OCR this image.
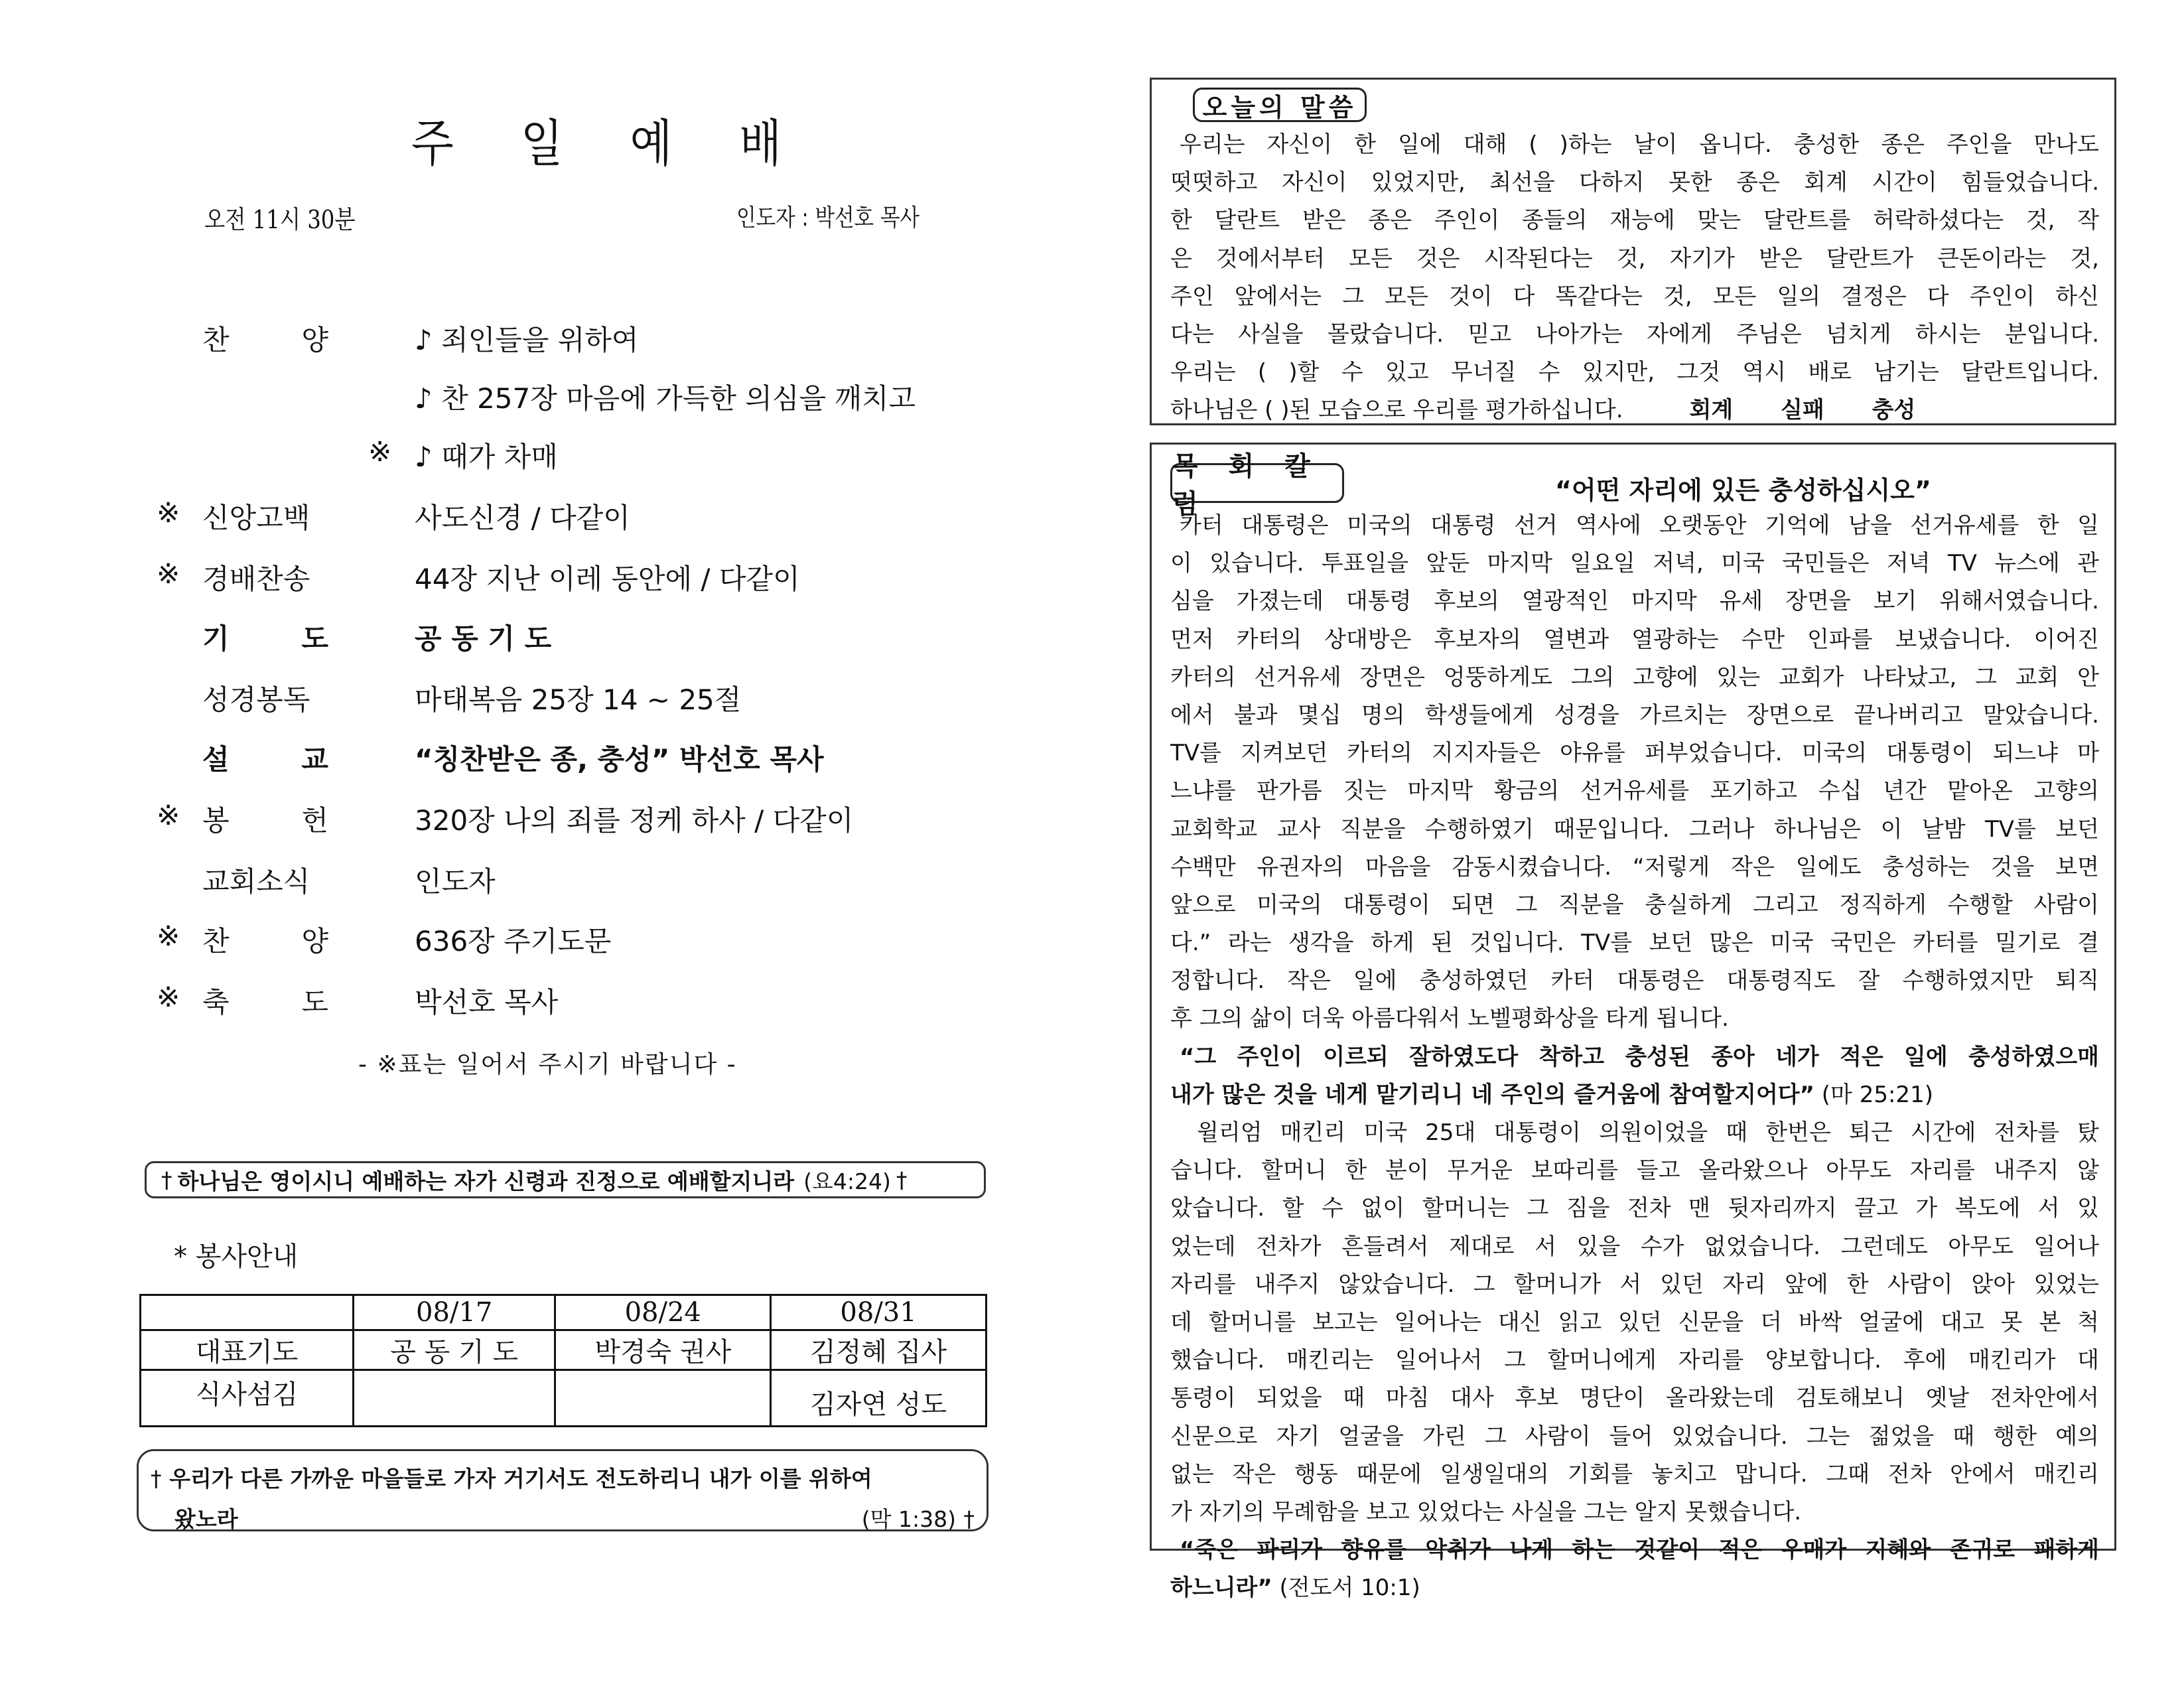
주 일 예 배
오전 11시 30분	인도자 : 박선호 목사
찬	양	♪ 죄인들을 위하여
♪ 찬 257장 마음에 가득한 의심을 깨치고
※ ♪ 때가 차매
※ 신앙고백	사도신경 / 다같이
※ 경배찬송	44장 지난 이레 동안에 / 다같이
기	도	공 동 기 도
성경봉독	마태복음 25장 14 ~ 25절
설	교	“칭찬받은 종, 충성” 박선호 목사
※ 봉	헌	320장 나의 죄를 정케 하사 / 다같이
교회소식	인도자
※ 찬	양	636장 주기도문
※ 축	도	박선호 목사
- ※표는 일어서 주시기 바랍니다 -
† 하나님은 영이시니 예배하는 자가 신령과 진정으로 예배할지니라 (요4:24) †
* 봉사안내
	08/17	08/24	08/31
대표기도	공 동 기 도	박경숙 권사	김정혜 집사
식사섬김			김자연 성도
† 우리가 다른 가까운 마을들로 가자 거기서도 전도하리니 내가 이를 위하여
왔노라	(막 1:38) †
오늘의 말씀
우리는 자신이 한 일에 대해 ( )하는 날이 옵니다. 충성한 종은 주인을 만나도
떳떳하고 자신이 있었지만, 최선을 다하지 못한 종은 회계 시간이 힘들었습니다.
한 달란트 받은 종은 주인이 종들의 재능에 맞는 달란트를 허락하셨다는 것, 작
은 것에서부터 모든 것은 시작된다는 것, 자기가 받은 달란트가 큰돈이라는 것,
주인 앞에서는 그 모든 것이 다 똑같다는 것, 모든 일의 결정은 다 주인이 하신
다는 사실을 몰랐습니다. 믿고 나아가는 자에게 주님은 넘치게 하시는 분입니다.
우리는 ( )할 수 있고 무너질 수 있지만, 그것 역시 배로 남기는 달란트입니다.
하나님은 ( )된 모습으로 우리를 평가하십니다.	회계 실패 충성
목 회 칼 럼	“어떤 자리에 있든 충성하십시오”
카터 대통령은 미국의 대통령 선거 역사에 오랫동안 기억에 남을 선거유세를 한 일
이 있습니다. 투표일을 앞둔 마지막 일요일 저녁, 미국 국민들은 저녁 TV 뉴스에 관
심을 가졌는데 대통령 후보의 열광적인 마지막 유세 장면을 보기 위해서였습니다.
먼저 카터의 상대방은 후보자의 열변과 열광하는 수만 인파를 보냈습니다. 이어진
카터의 선거유세 장면은 엉뚱하게도 그의 고향에 있는 교회가 나타났고, 그 교회 안
에서 불과 몇십 명의 학생들에게 성경을 가르치는 장면으로 끝나버리고 말았습니다.
TV를 지켜보던 카터의 지지자들은 야유를 퍼부었습니다. 미국의 대통령이 되느냐 마
느냐를 판가름 짓는 마지막 황금의 선거유세를 포기하고 수십 년간 맡아온 고향의
교회학교 교사 직분을 수행하였기 때문입니다. 그러나 하나님은 이 날밤 TV를 보던
수백만 유권자의 마음을 감동시켰습니다. “저렇게 작은 일에도 충성하는 것을 보면
앞으로 미국의 대통령이 되면 그 직분을 충실하게 그리고 정직하게 수행할 사람이
다.” 라는 생각을 하게 된 것입니다. TV를 보던 많은 미국 국민은 카터를 밀기로 결
정합니다. 작은 일에 충성하였던 카터 대통령은 대통령직도 잘 수행하였지만 퇴직
후 그의 삶이 더욱 아름다워서 노벨평화상을 타게 됩니다.
“그 주인이 이르되 잘하였도다 착하고 충성된 종아 네가 적은 일에 충성하였으매
내가 많은 것을 네게 맡기리니 네 주인의 즐거움에 참여할지어다” (마 25:21)
윌리엄 매킨리 미국 25대 대통령이 의원이었을 때 한번은 퇴근 시간에 전차를 탔
습니다. 할머니 한 분이 무거운 보따리를 들고 올라왔으나 아무도 자리를 내주지 않
았습니다. 할 수 없이 할머니는 그 짐을 전차 맨 뒷자리까지 끌고 가 복도에 서 있
었는데 전차가 흔들려서 제대로 서 있을 수가 없었습니다. 그런데도 아무도 일어나
자리를 내주지 않았습니다. 그 할머니가 서 있던 자리 앞에 한 사람이 앉아 있었는
데 할머니를 보고는 일어나는 대신 읽고 있던 신문을 더 바싹 얼굴에 대고 못 본 척
했습니다. 매킨리는 일어나서 그 할머니에게 자리를 양보합니다. 후에 매킨리가 대
통령이 되었을 때 마침 대사 후보 명단이 올라왔는데 검토해보니 옛날 전차안에서
신문으로 자기 얼굴을 가린 그 사람이 들어 있었습니다. 그는 젊었을 때 행한 예의
없는 작은 행동 때문에 일생일대의 기회를 놓치고 맙니다. 그때 전차 안에서 매킨리
가 자기의 무례함을 보고 있었다는 사실을 그는 알지 못했습니다.
“죽은 파리가 향유를 악취가 나게 하는 것같이 적은 우매가 지혜와 존귀로 패하게
하느니라” (전도서 10:1)
